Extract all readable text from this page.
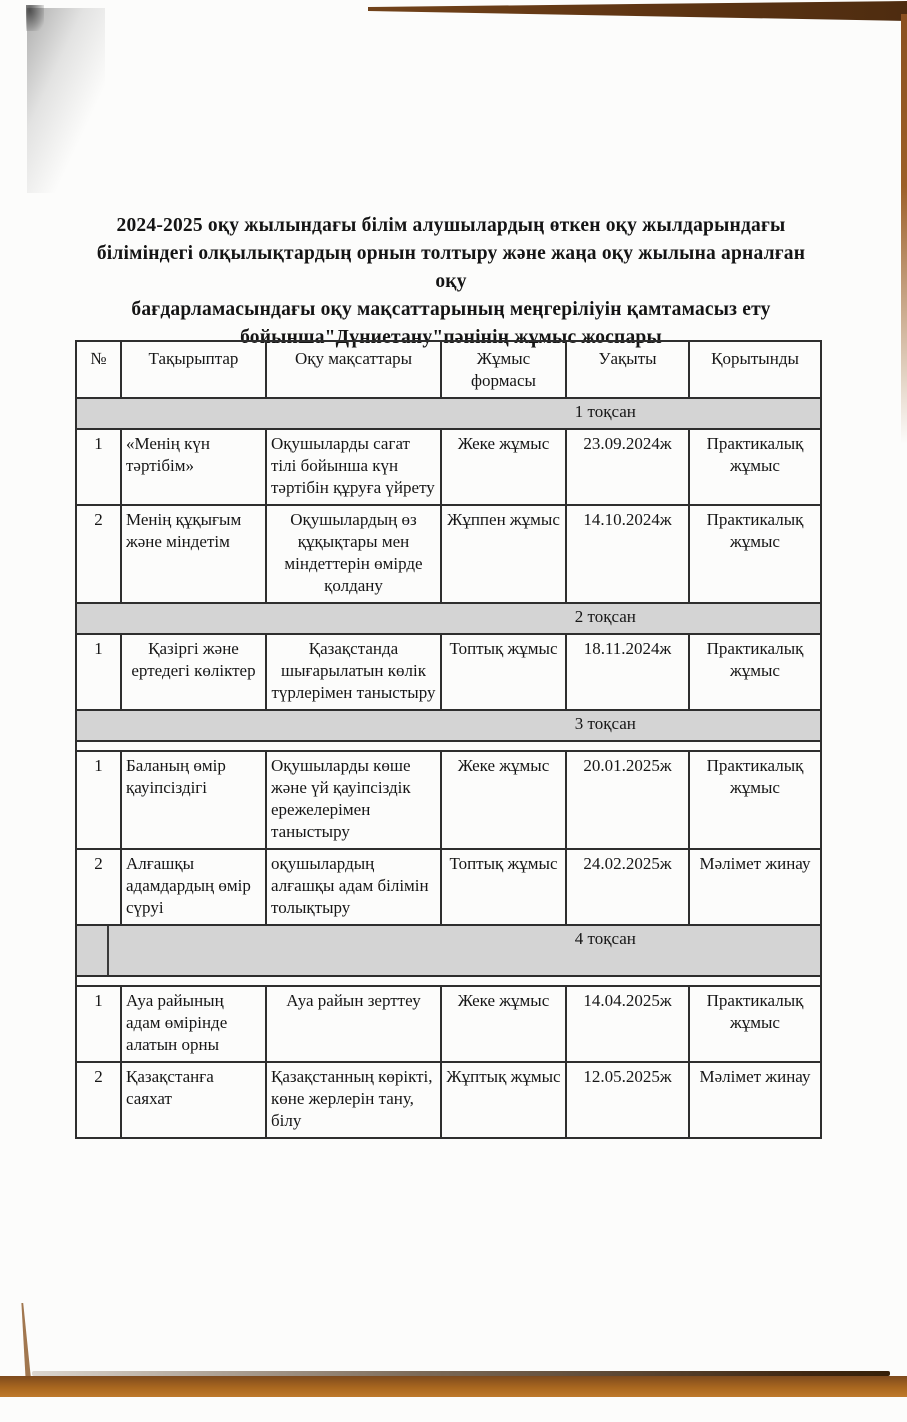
2024-2025 оқу жылындағы білім алушылардың өткен оқу жылдарындағы
біліміндегі олқылықтардың орнын толтыру және жаңа оқу жылына арналған оқу
бағдарламасындағы оқу мақсаттарының меңгеріліуін қамтамасыз ету
бойынша"Дүниетану"пәнінің жұмыс жоспары
№	Тақырыптар	Оқу мақсаттары	Жұмыс формасы	Уақыты	Қорытынды
1 тоқсан					
1	«Менің күн тәртібім»	Оқушыларды сагат тілі бойынша күн тәртібін құруға үйрету	Жеке жұмыс	23.09.2024ж	Практикалық жұмыс
2	Менің құқығым және міндетім	Оқушылардың өз құқықтары мен міндеттерін өмірде қолдану	Жұппен жұмыс	14.10.2024ж	Практикалық жұмыс
2 тоқсан					
1	Қазіргі және ертедегі көліктер	Қазақстанда шығарылатын көлік түрлерімен таныстыру	Топтық жұмыс	18.11.2024ж	Практикалық жұмыс
3 тоқсан					

1	Баланың өмір қауіпсіздігі	Оқушыларды көше және үй қауіпсіздік ережелерімен таныстыру	Жеке жұмыс	20.01.2025ж	Практикалық жұмыс
2	Алғашқы адамдардың өмір сүруі	оқушылардың алғашқы адам білімін толықтыру	Топтық жұмыс	24.02.2025ж	Мәлімет жинау

4 тоқсан					

1	Ауа райының адам өмірінде алатын орны	Ауа райын зерттеу	Жеке жұмыс	14.04.2025ж	Практикалық жұмыс
2	Қазақстанға саяхат	Қазақстанның көрікті, көне жерлерін тану, білу	Жұптық жұмыс	12.05.2025ж	Мәлімет жинау
